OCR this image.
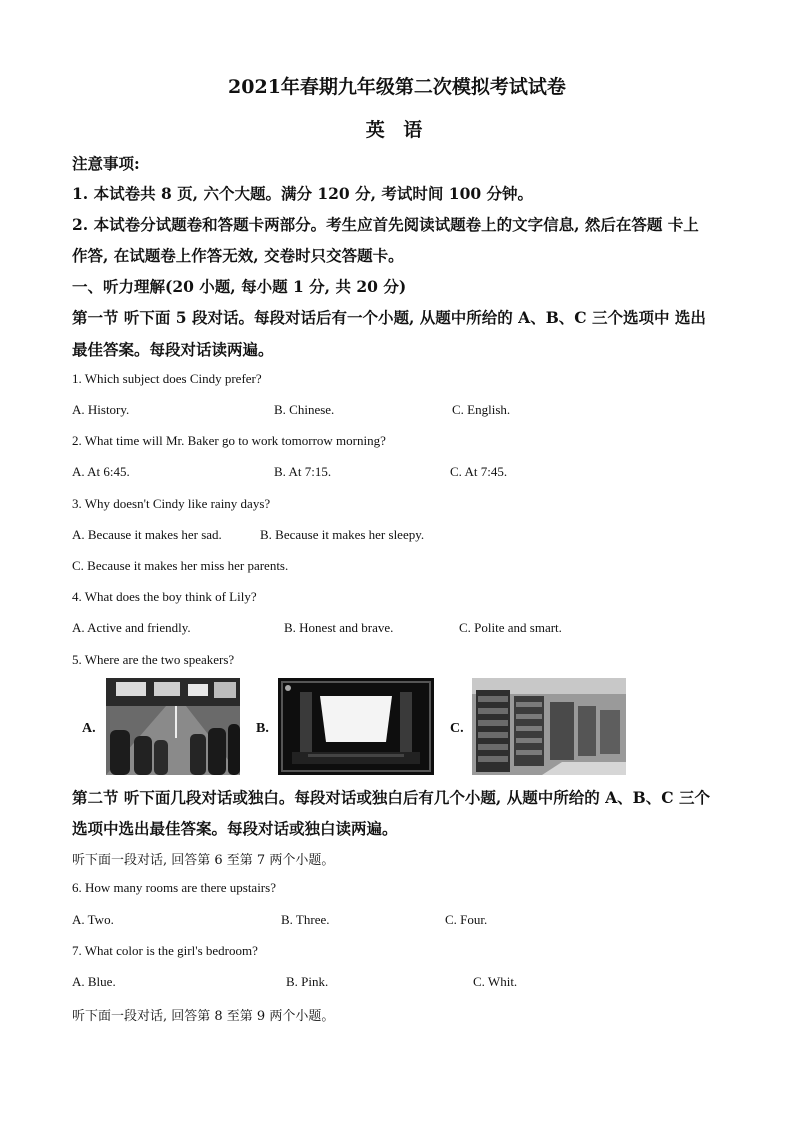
2021年春期九年级第二次模拟考试试卷
英 语
注意事项:
1. 本试卷共 8 页, 六个大题。满分 120 分, 考试时间 100 分钟。
2. 本试卷分试题卷和答题卡两部分。考生应首先阅读试题卷上的文字信息, 然后在答题 卡上
作答, 在试题卷上作答无效, 交卷时只交答题卡。
一、听力理解(20 小题, 每小题 1 分, 共 20 分)
第一节 听下面 5 段对话。每段对话后有一个小题, 从题中所给的 A、B、C 三个选项中 选出
最佳答案。每段对话读两遍。
1. Which subject does Cindy prefer?
A. History.	B. Chinese.	C. English.
2. What time will Mr. Baker go to work tomorrow morning?
A. At 6:45.	B. At 7:15.	C. At 7:45.
3. Why doesn't Cindy like rainy days?
A. Because it makes her sad.	B. Because it makes her sleepy.
C. Because it makes her miss her parents.
4. What does the boy think of Lily?
A. Active and friendly.	B. Honest and brave.	C. Polite and smart.
5. Where are the two speakers?
A.	B.	C.
第二节 听下面几段对话或独白。每段对话或独白后有几个小题, 从题中所给的 A、B、C 三个
选项中选出最佳答案。每段对话或独白读两遍。
听下面一段对话, 回答第 6 至第 7 两个小题。
6. How many rooms are there upstairs?
A. Two.	B. Three.	C. Four.
7. What color is the girl's bedroom?
A. Blue.	B. Pink.	C. Whit.
听下面一段对话, 回答第 8 至第 9 两个小题。
